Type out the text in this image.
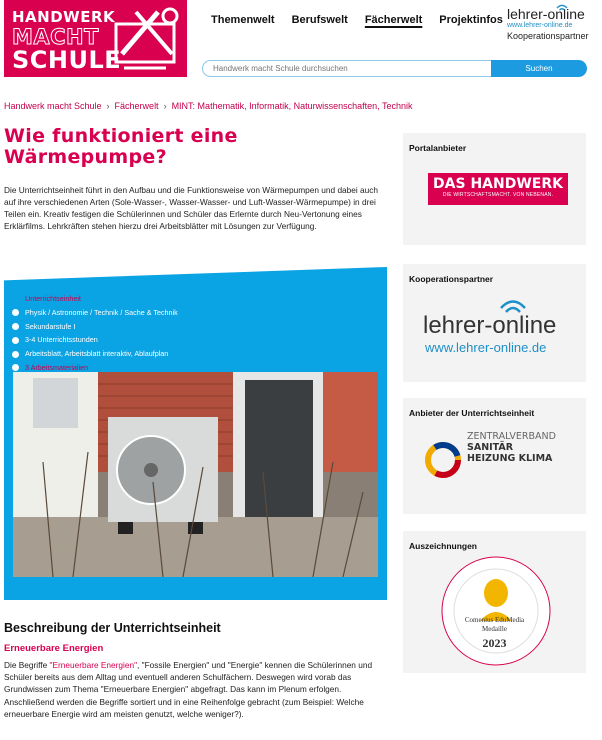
HANDWERK
MACHT
SCHULE
Themenwelt Berufswelt Fächerwelt Projektinfos lehrer-online
www.lehrer-online.de
Kooperationspartner
Handwerk macht Schule durchsuchen
Suchen
Handwerk macht Schule › Fächerwelt › MINT: Mathematik, Informatik, Naturwissenschaften, Technik
Wie funktioniert eine
Wärmepumpe?

Die Unterrichtseinheit führt in den Aufbau und die Funktionsweise von Wärmepumpen und dabei auch auf ihre verschiedenen Arten (Sole-Wasser-, Wasser-Wasser- und Luft-Wasser-Wärmepumpe) in drei Teilen ein. Kreativ festigen die Schülerinnen und Schüler das Erlernte durch Neu-Vertonung eines Erklärfilms. Lehrkräften stehen hierzu drei Arbeitsblätter mit Lösungen zur Verfügung.

Unterrichtseinheit
Physik / Astronomie / Technik / Sache & Technik
Sekundarstufe I
3-4 Unterrichtsstunden
Arbeitsblatt, Arbeitsblatt interaktiv, Ablaufplan
3 Arbeitsmaterialien
Beschreibung der Unterrichtseinheit
Erneuerbare Energien

Die Begriffe "Erneuerbare Energien", "Fossile Energien" und "Energie" kennen die Schülerinnen und Schüler bereits aus dem Alltag und eventuell anderen Schulfächern. Deswegen wird vorab das Grundwissen zum Thema "Erneuerbare Energien" abgefragt. Das kann im Plenum erfolgen. Anschließend werden die Begriffe sortiert und in eine Reihenfolge gebracht (zum Beispiel: Welche erneuerbare Energie wird am meisten genutzt, welche weniger?).

Portalanbieter
DAS HANDWERK
DIE WIRTSCHAFTSMACHT. VON NEBENAN.
Kooperationspartner
lehrer-online
www.lehrer-online.de
Anbieter der Unterrichtseinheit
ZENTRALVERBAND
SANITÄR
HEIZUNG KLIMA
Auszeichnungen
Comenius EduMedia
Medaille
2023
